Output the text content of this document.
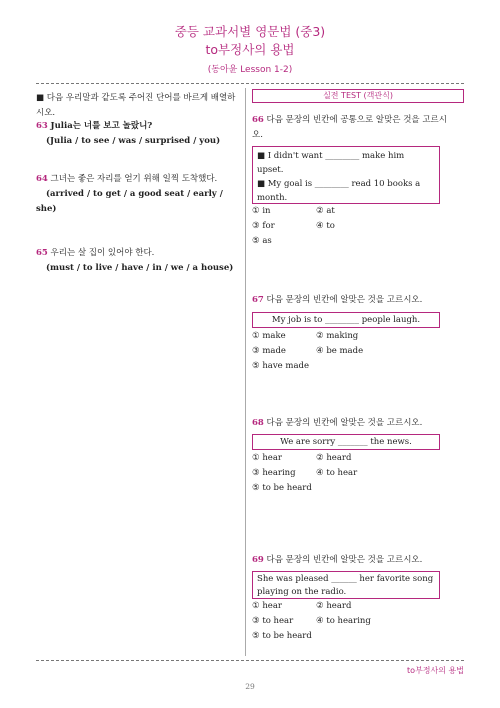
중등 교과서별 영문법 (중3)
to부정사의 용법
(동아윤 Lesson 1-2)
■ 다음 우리말과 같도록 주어진 단어를 바르게 배열하
시오.
63 Julia는 너를 보고 놀랐니?
(Julia / to see / was / surprised / you)
64 그녀는 좋은 자리를 얻기 위해 일찍 도착했다.
(arrived / to get / a good seat / early /
she)
65 우리는 살 집이 있어야 한다.
(must / to live / have / in / we / a house)
실전 TEST (객관식)
66 다음 문장의 빈칸에 공통으로 알맞은 것을 고르시
오.
■ I didn't want ________ make him
upset.
■ My goal is ________ read 10 books a
month.
① in	② at
③ for	④ to
⑤ as
67 다음 문장의 빈칸에 알맞은 것을 고르시오.
My job is to ________ people laugh.
① make	② making
③ made	④ be made
⑤ have made
68 다음 문장의 빈칸에 알맞은 것을 고르시오.
We are sorry _______ the news.
① hear	② heard
③ hearing ④ to hear
⑤ to be heard
69 다음 문장의 빈칸에 알맞은 것을 고르시오.
She was pleased ______ her favorite song
playing on the radio.
① hear	② heard
③ to hear	④ to hearing
⑤ to be heard
to부정사의 용법
29
